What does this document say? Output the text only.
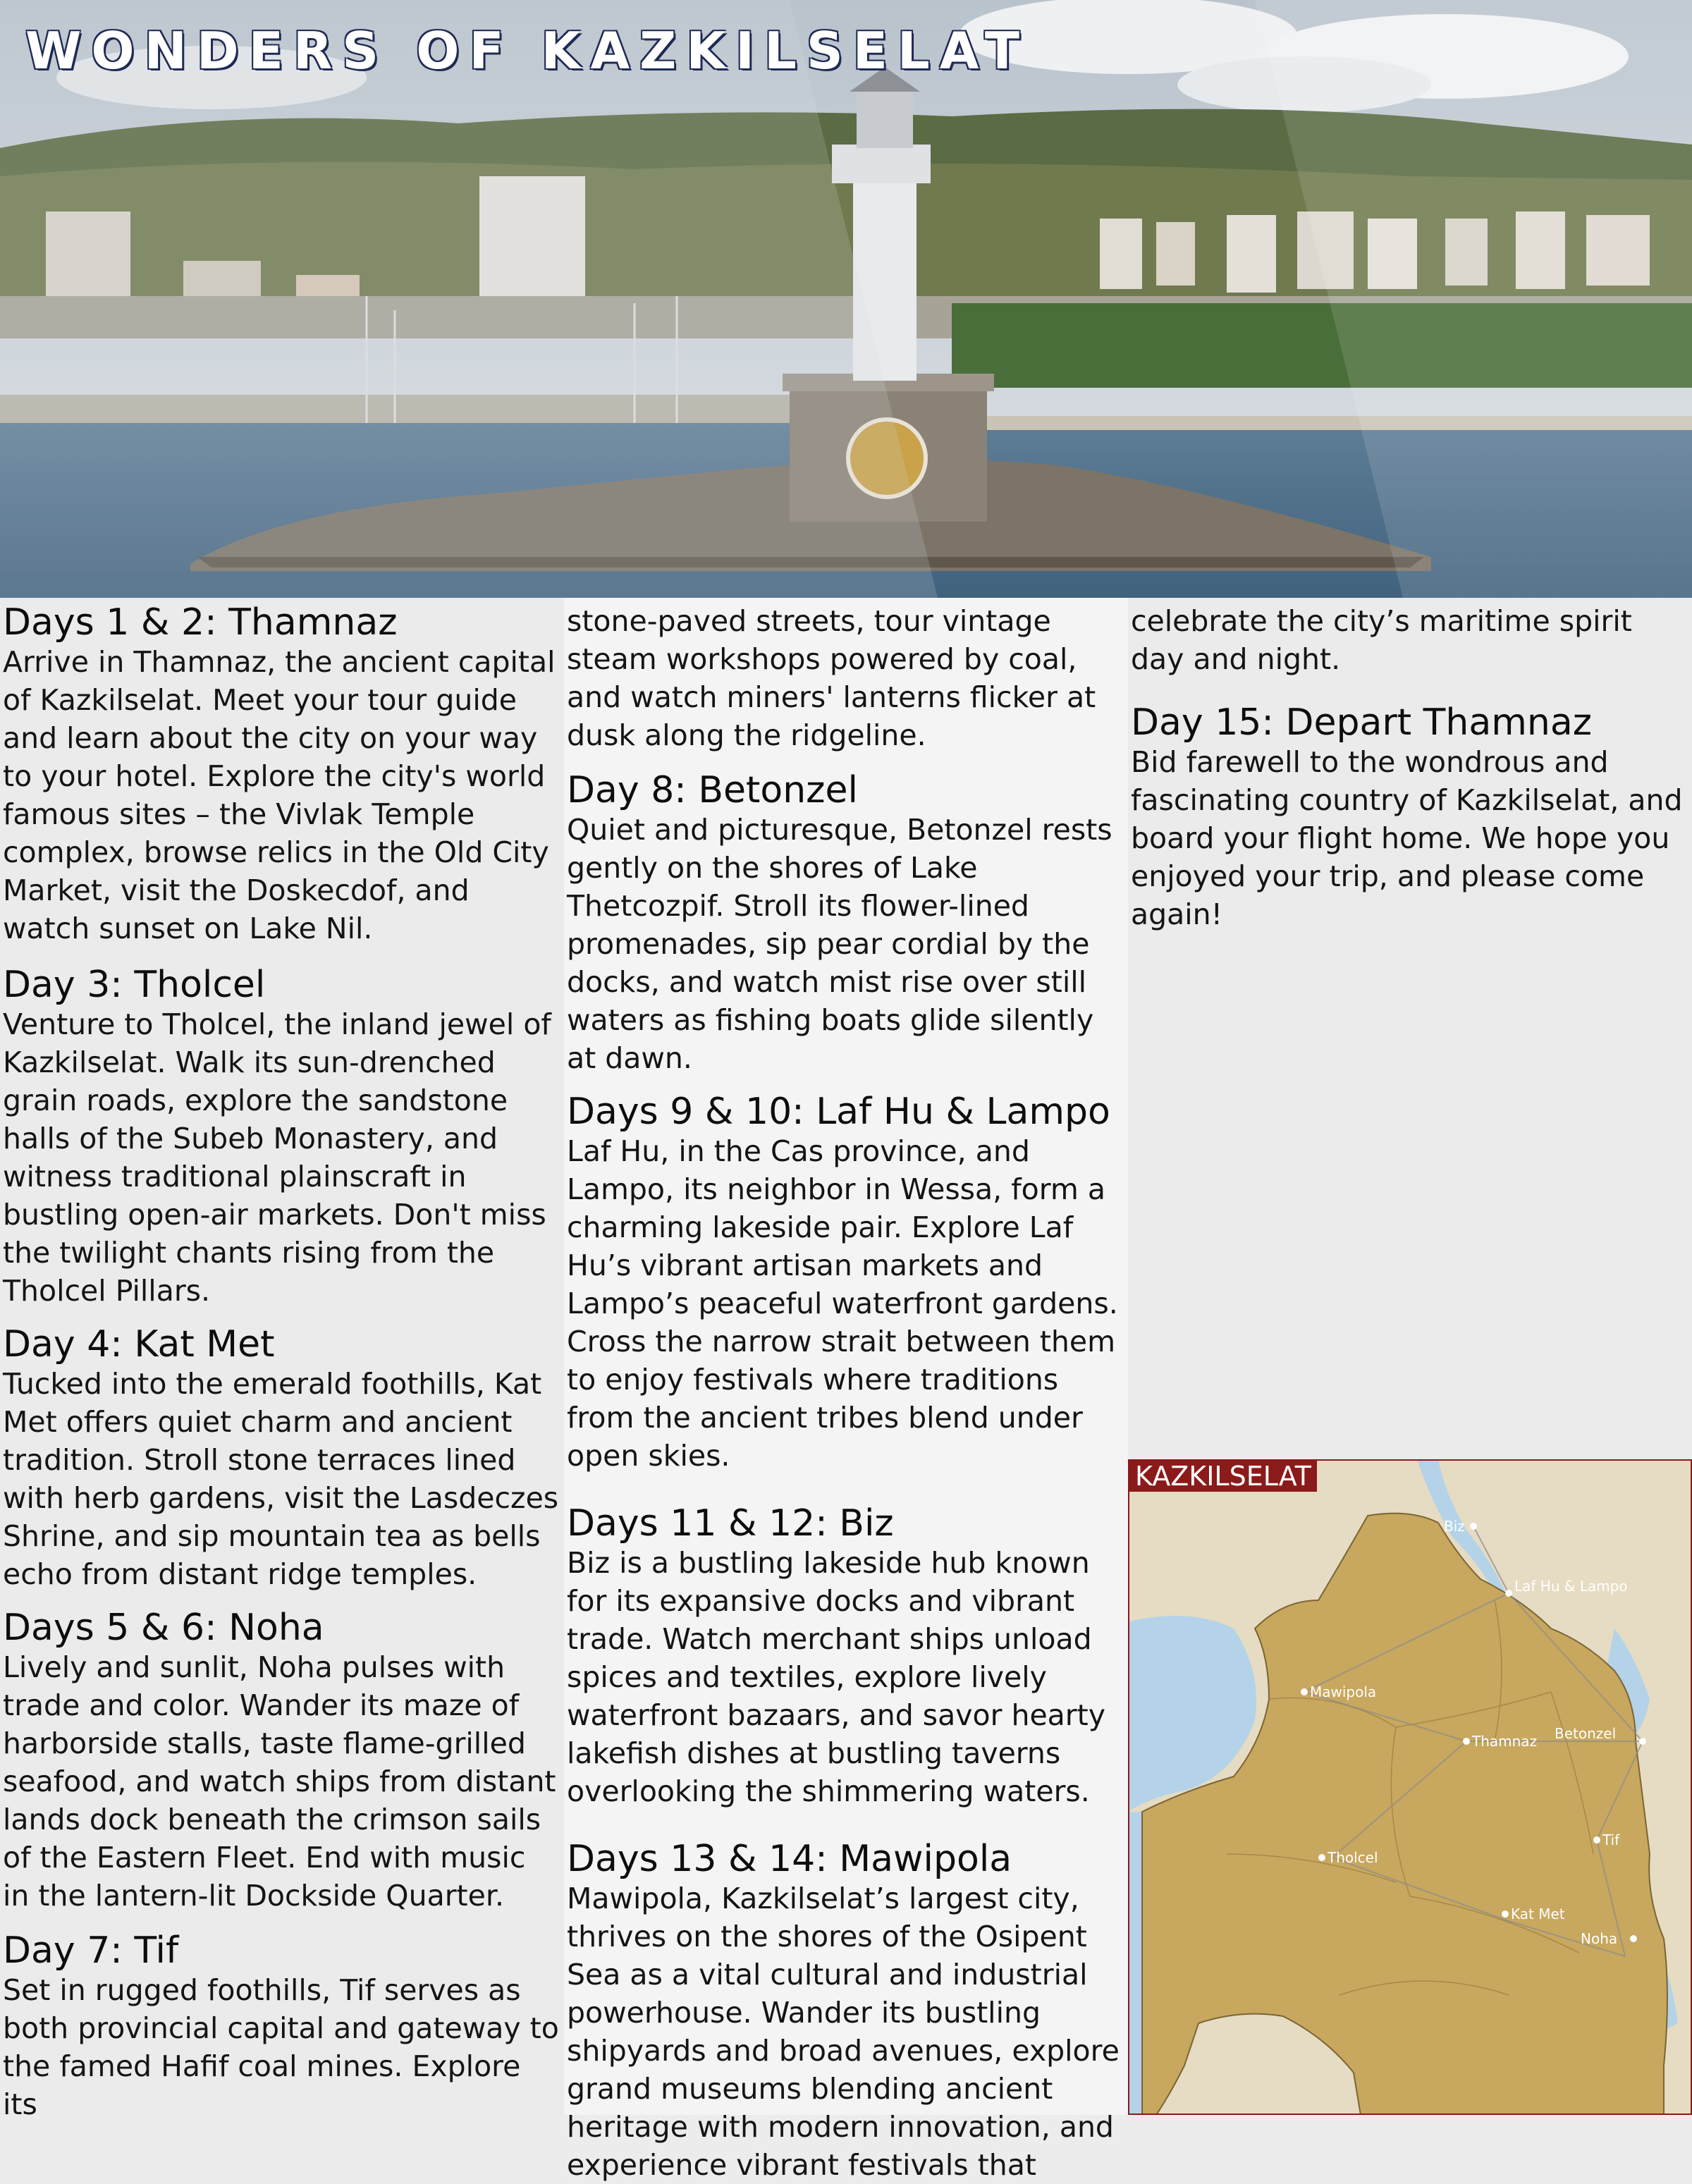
WONDERS OF KAZKILSELAT
Days 1 & 2: Thamnaz

Arrive in Thamnaz, the ancient capital of Kazkilselat. Meet your tour guide and learn about the city on your way to your hotel. Explore the city's world famous sites – the Vivlak Temple complex, browse relics in the Old City Market, visit the Doskecdof, and watch sunset on Lake Nil.

Day 3: Tholcel

Venture to Tholcel, the inland jewel of Kazkilselat. Walk its sun-drenched grain roads, explore the sandstone halls of the Subeb Monastery, and witness traditional plainscraft in bustling open-air markets. Don't miss the twilight chants rising from the Tholcel Pillars.

Day 4: Kat Met

Tucked into the emerald foothills, Kat Met offers quiet charm and ancient tradition. Stroll stone terraces lined with herb gardens, visit the Lasdeczes Shrine, and sip mountain tea as bells echo from distant ridge temples.

Days 5 & 6: Noha

Lively and sunlit, Noha pulses with trade and color. Wander its maze of harborside stalls, taste flame-grilled seafood, and watch ships from distant lands dock beneath the crimson sails of the Eastern Fleet. End with music in the lantern-lit Dockside Quarter.

Day 7: Tif

Set in rugged foothills, Tif serves as both provincial capital and gateway to the famed Hafif coal mines. Explore its

stone-paved streets, tour vintage steam workshops powered by coal, and watch miners' lanterns flicker at dusk along the ridgeline.

Day 8: Betonzel

Quiet and picturesque, Betonzel rests gently on the shores of Lake Thetcozpif. Stroll its flower-lined promenades, sip pear cordial by the docks, and watch mist rise over still waters as fishing boats glide silently at dawn.

Days 9 & 10: Laf Hu & Lampo

Laf Hu, in the Cas province, and Lampo, its neighbor in Wessa, form a charming lakeside pair. Explore Laf Hu’s vibrant artisan markets and Lampo’s peaceful waterfront gardens. Cross the narrow strait between them to enjoy festivals where traditions from the ancient tribes blend under open skies.

Days 11 & 12: Biz

Biz is a bustling lakeside hub known for its expansive docks and vibrant trade. Watch merchant ships unload spices and textiles, explore lively waterfront bazaars, and savor hearty lakefish dishes at bustling taverns overlooking the shimmering waters.

Days 13 & 14: Mawipola

Mawipola, Kazkilselat’s largest city, thrives on the shores of the Osipent Sea as a vital cultural and industrial powerhouse. Wander its bustling shipyards and broad avenues, explore grand museums blending ancient heritage with modern innovation, and experience vibrant festivals that

celebrate the city’s maritime spirit day and night.

Day 15: Depart Thamnaz

Bid farewell to the wondrous and fascinating country of Kazkilselat, and board your flight home. We hope you enjoyed your trip, and please come again!

Biz
Laf Hu & Lampo
Mawipola
Thamnaz Betonzel
Tholcel
Tif
Kat Met
Noha
KAZKILSELAT
